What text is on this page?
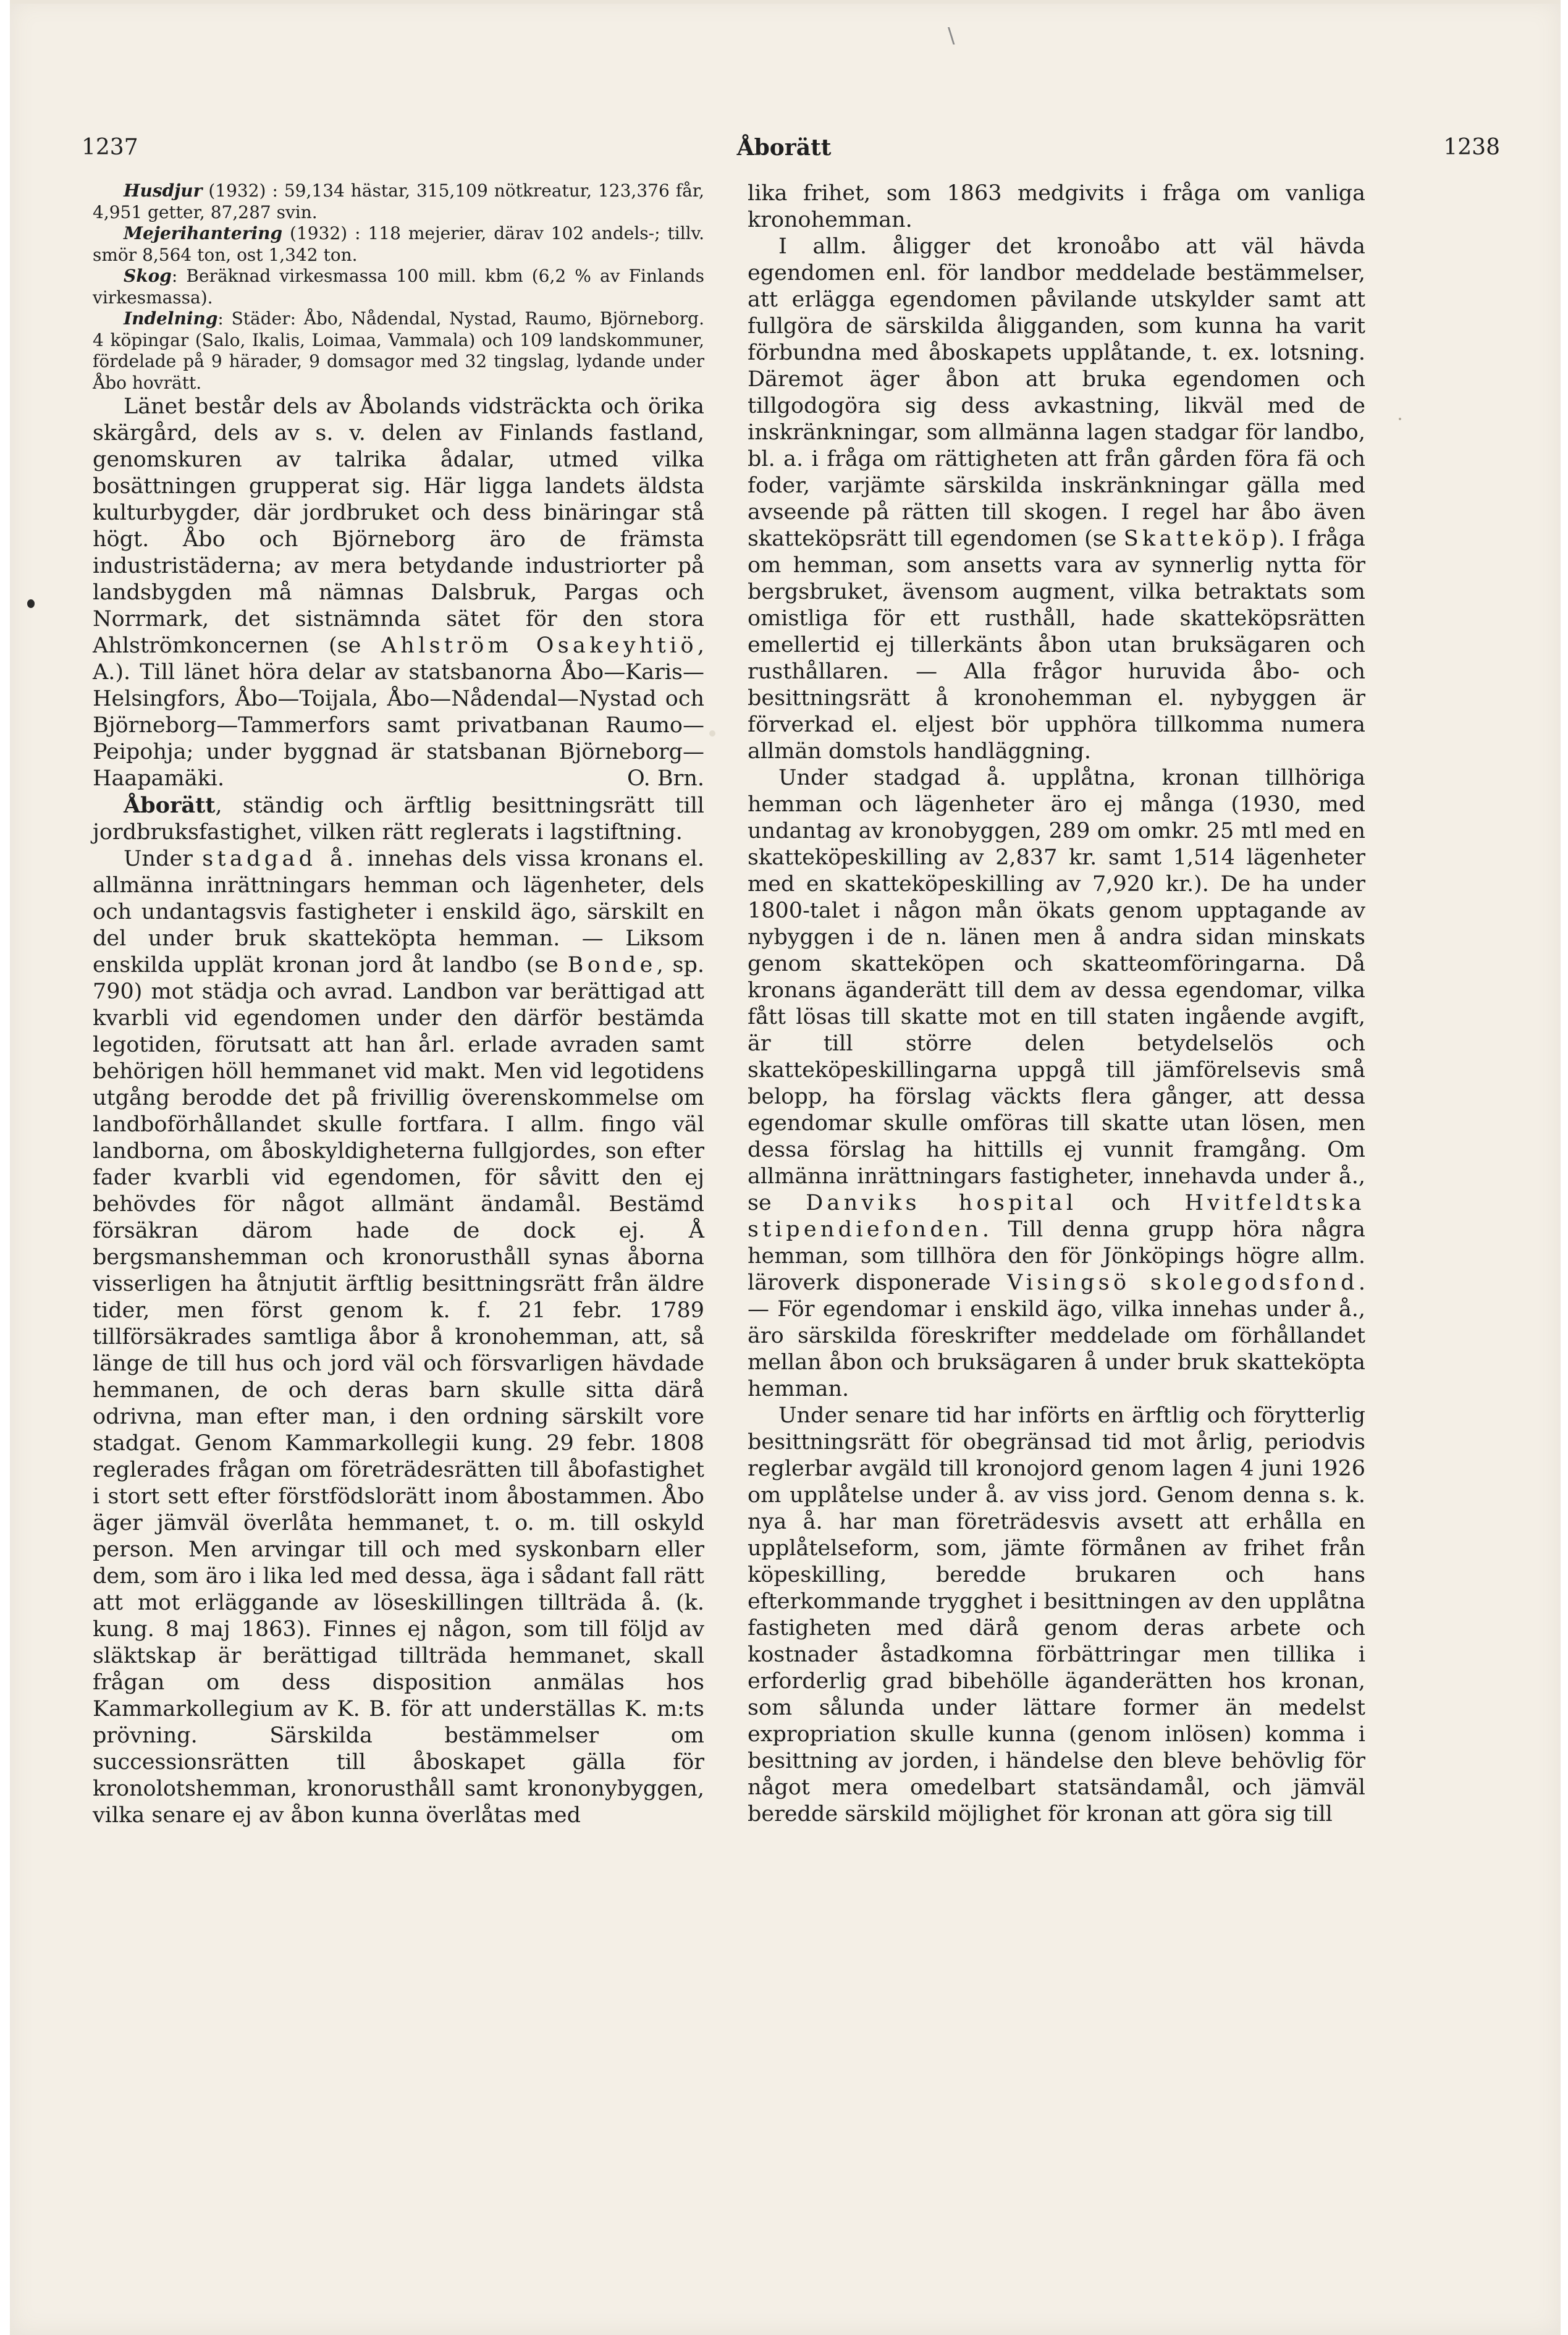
\
1237	Åborätt	1238

Husdjur (1932) : 59,134 hästar, 315,109 nötkreatur, 123,376 får, 4,951 getter, 87,287 svin.

Mejerihantering (1932) : 118 mejerier, därav 102 andels-; tillv. smör 8,564 ton, ost 1,342 ton.

Skog: Beräknad virkesmassa 100 mill. kbm (6,2 % av Finlands virkesmassa).

Indelning: Städer: Åbo, Nådendal, Nystad, Raumo, Björneborg. 4 köpingar (Salo, Ikalis, Loimaa, Vammala) och 109 landskommuner, fördelade på 9 härader, 9 domsagor med 32 tingslag, lydande under Åbo hovrätt.

Länet består dels av Åbolands vidsträckta och örika skärgård, dels av s. v. delen av Finlands fastland, genomskuren av talrika ådalar, utmed vilka bosättningen grupperat sig. Här ligga landets äldsta kulturbygder, där jordbruket och dess binäringar stå högt. Åbo och Björneborg äro de främsta industristäderna; av mera betydande industriorter på landsbygden må nämnas Dalsbruk, Pargas och Norrmark, det sistnämnda sätet för den stora Ahlströmkoncernen (se Ahlström Osakeyhtiö, A.). Till länet höra delar av statsbanorna Åbo—Karis—Helsingfors, Åbo—Toijala, Åbo—Nådendal—Nystad och Björneborg—Tammerfors samt privatbanan Raumo—Peipohja; under byggnad är statsbanan Björneborg—Haapamäki.	O. Brn.

Åborätt, ständig och ärftlig besittningsrätt till jordbruksfastighet, vilken rätt reglerats i lagstiftning.

Under stadgad å. innehas dels vissa kronans el. allmänna inrättningars hemman och lägenheter, dels och undantagsvis fastigheter i enskild ägo, särskilt en del under bruk skatteköpta hemman. — Liksom enskilda upplät kronan jord åt landbo (se Bonde, sp. 790) mot städja och avrad. Landbon var berättigad att kvarbli vid egendomen under den därför bestämda legotiden, förutsatt att han årl. erlade avraden samt behörigen höll hemmanet vid makt. Men vid legotidens utgång berodde det på frivillig överenskommelse om landboförhållandet skulle fortfara. I allm. fingo väl landborna, om åboskyldigheterna fullgjordes, son efter fader kvarbli vid egendomen, för såvitt den ej behövdes för något allmänt ändamål. Bestämd försäkran därom hade de dock ej. Å bergsmanshemman och kronorusthåll synas åborna visserligen ha åtnjutit ärftlig besittningsrätt från äldre tider, men först genom k. f. 21 febr. 1789 tillförsäkrades samtliga åbor å kronohemman, att, så länge de till hus och jord väl och försvarligen hävdade hemmanen, de och deras barn skulle sitta därå odrivna, man efter man, i den ordning särskilt vore stadgat. Genom Kammarkollegii kung. 29 febr. 1808 reglerades frågan om företrädesrätten till åbofastighet i stort sett efter förstfödslorätt inom åbostammen. Åbo äger jämväl överlåta hemmanet, t. o. m. till oskyld person. Men arvingar till och med syskonbarn eller dem, som äro i lika led med dessa, äga i sådant fall rätt att mot erläggande av löseskillingen tillträda å. (k. kung. 8 maj 1863). Finnes ej någon, som till följd av släktskap är berättigad tillträda hemmanet, skall frågan om dess disposition anmälas hos Kammarkollegium av K. B. för att underställas K. m:ts prövning. Särskilda bestämmelser om successionsrätten till åboskapet gälla för kronolotshemman, kronorusthåll samt krononybyggen, vilka senare ej av åbon kunna överlåtas med

lika frihet, som 1863 medgivits i fråga om vanliga kronohemman.

I allm. åligger det kronoåbo att väl hävda egendomen enl. för landbor meddelade bestämmelser, att erlägga egendomen påvilande utskylder samt att fullgöra de särskilda åligganden, som kunna ha varit förbundna med åboskapets upplåtande, t. ex. lotsning. Däremot äger åbon att bruka egendomen och tillgodogöra sig dess avkastning, likväl med de inskränkningar, som allmänna lagen stadgar för landbo, bl. a. i fråga om rättigheten att från gården föra fä och foder, varjämte särskilda inskränkningar gälla med avseende på rätten till skogen. I regel har åbo även skatteköpsrätt till egendomen (se Skatteköp). I fråga om hemman, som ansetts vara av synnerlig nytta för bergsbruket, ävensom augment, vilka betraktats som omistliga för ett rusthåll, hade skatteköpsrätten emellertid ej tillerkänts åbon utan bruksägaren och rusthållaren. — Alla frågor huruvida åbo- och besittningsrätt å kronohemman el. nybyggen är förverkad el. eljest bör upphöra tillkomma numera allmän domstols handläggning.

Under stadgad å. upplåtna, kronan tillhöriga hemman och lägenheter äro ej många (1930, med undantag av kronobyggen, 289 om omkr. 25 mtl med en skatteköpeskilling av 2,837 kr. samt 1,514 lägenheter med en skatteköpeskilling av 7,920 kr.). De ha under 1800-talet i någon mån ökats genom upptagande av nybyggen i de n. länen men å andra sidan minskats genom skatteköpen och skatteomföringarna. Då kronans äganderätt till dem av dessa egendomar, vilka fått lösas till skatte mot en till staten ingående avgift, är till större delen betydelselös och skatteköpeskillingarna uppgå till jämförelsevis små belopp, ha förslag väckts flera gånger, att dessa egendomar skulle omföras till skatte utan lösen, men dessa förslag ha hittills ej vunnit framgång. Om allmänna inrättningars fastigheter, innehavda under å., se Danviks hospital och Hvitfeldtska stipendiefonden. Till denna grupp höra några hemman, som tillhöra den för Jönköpings högre allm. läroverk disponerade Visingsö skolegodsfond. — För egendomar i enskild ägo, vilka innehas under å., äro särskilda föreskrifter meddelade om förhållandet mellan åbon och bruksägaren å under bruk skatteköpta hemman.

Under senare tid har införts en ärftlig och förytterlig besittningsrätt för obegränsad tid mot årlig, periodvis reglerbar avgäld till kronojord genom lagen 4 juni 1926 om upplåtelse under å. av viss jord. Genom denna s. k. nya å. har man företrädesvis avsett att erhålla en upplåtelseform, som, jämte förmånen av frihet från köpeskilling, beredde brukaren och hans efterkommande trygghet i besittningen av den upplåtna fastigheten med därå genom deras arbete och kostnader åstadkomna förbättringar men tillika i erforderlig grad bibehölle äganderätten hos kronan, som sålunda under lättare former än medelst expropriation skulle kunna (genom inlösen) komma i besittning av jorden, i händelse den bleve behövlig för något mera omedelbart statsändamål, och jämväl beredde särskild möjlighet för kronan att göra sig till
